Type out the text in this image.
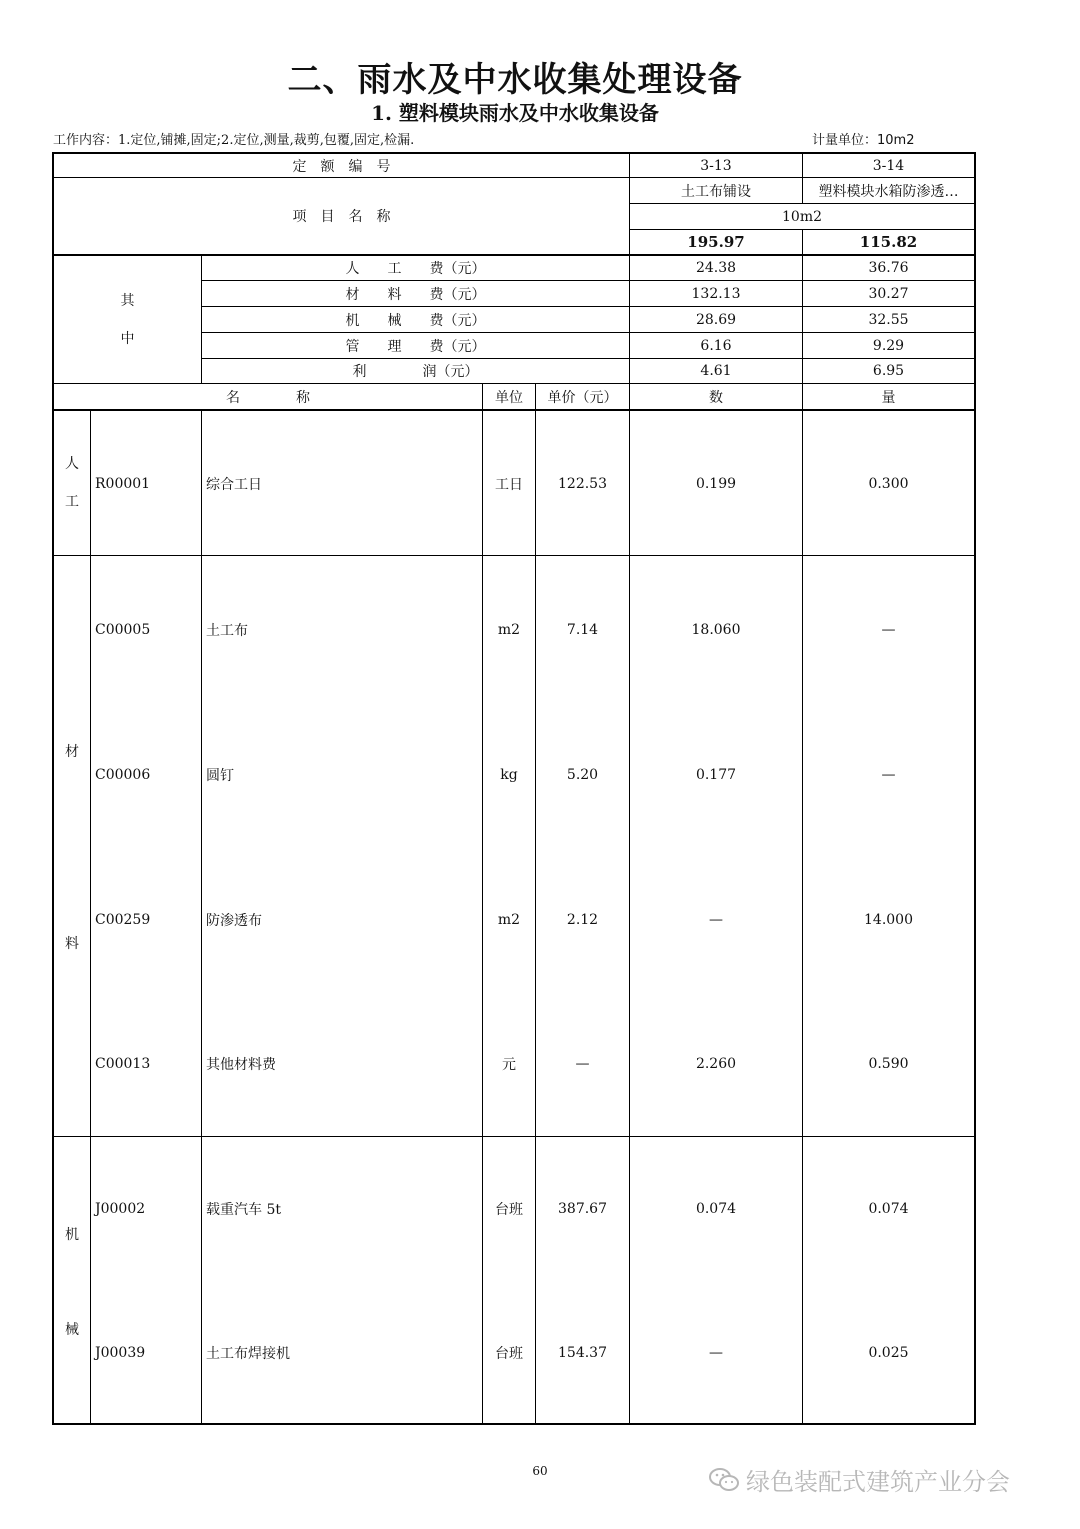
二、雨水及中水收集处理设备
1. 塑料模块雨水及中水收集设备
工作内容：1.定位,铺摊,固定;2.定位,测量,裁剪,包覆,固定,检漏.	计量单位：10m2
定　额　编　号	3-13	3-14
项　目　名　称
土工布铺设	塑料模块水箱防渗透…
10m2
195.97	115.82
其
中
人　　工　　费（元）	24.38	36.76
材　　料　　费（元）	132.13	30.27
机　　械　　费（元）	28.69	32.55
管　　理　　费（元）	6.16	9.29
利　　　　润（元）	4.61	6.95
名　　　　称	单位	单价（元）	数	量
人
工
材
料
机
械
R00001	综合工日	工日	122.53	0.199	0.300
C00005	土工布	m2	7.14	18.060	—
C00006	圆钉	kg	5.20	0.177	—
C00259	防渗透布	m2	2.12	—	14.000
C00013	其他材料费	元	—	2.260	0.590
J00002	载重汽车 5t	台班	387.67	0.074	0.074
J00039	土工布焊接机	台班	154.37	—	0.025
60	绿色装配式建筑产业分会
